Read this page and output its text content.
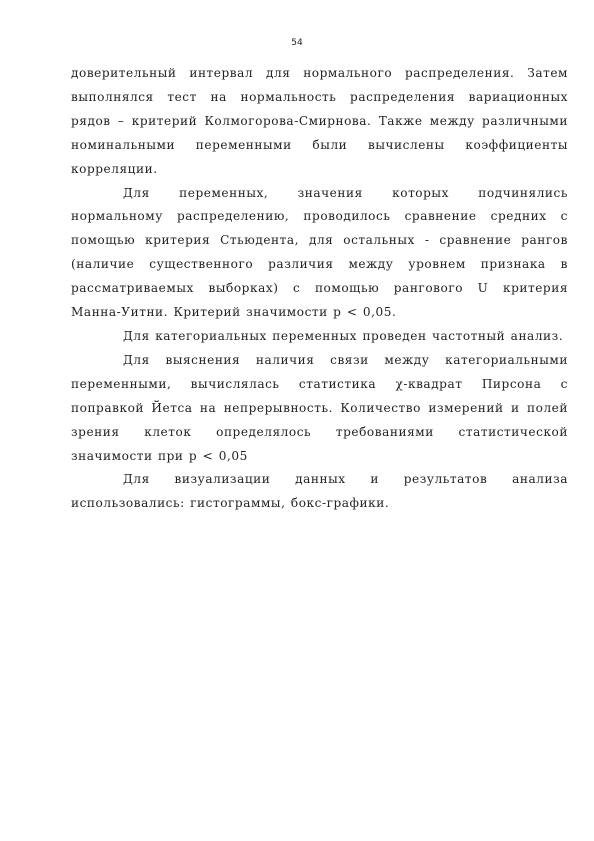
54

доверительный интервал для нормального распределения. Затем выполнялся тест на нормальность распределения вариационных рядов – критерий Колмогорова-Смирнова. Также между различными номинальными переменными были вычислены коэффициенты корреляции.

Для переменных, значения которых подчинялись нормальному распределению, проводилось сравнение средних с помощью критерия Стьюдента, для остальных - сравнение рангов (наличие существенного различия между уровнем признака в рассматриваемых выборках) с помощью рангового U критерия Манна-Уитни. Критерий значимости р < 0,05.

Для категориальных переменных проведен частотный анализ.

Для выяснения наличия связи между категориальными переменными, вычислялась статистика χ-квадрат Пирсона с поправкой Йетса на непрерывность. Количество измерений и полей зрения клеток определялось требованиями статистической значимости при р < 0,05

Для визуализации данных и результатов анализа использовались: гистограммы, бокс-графики.
